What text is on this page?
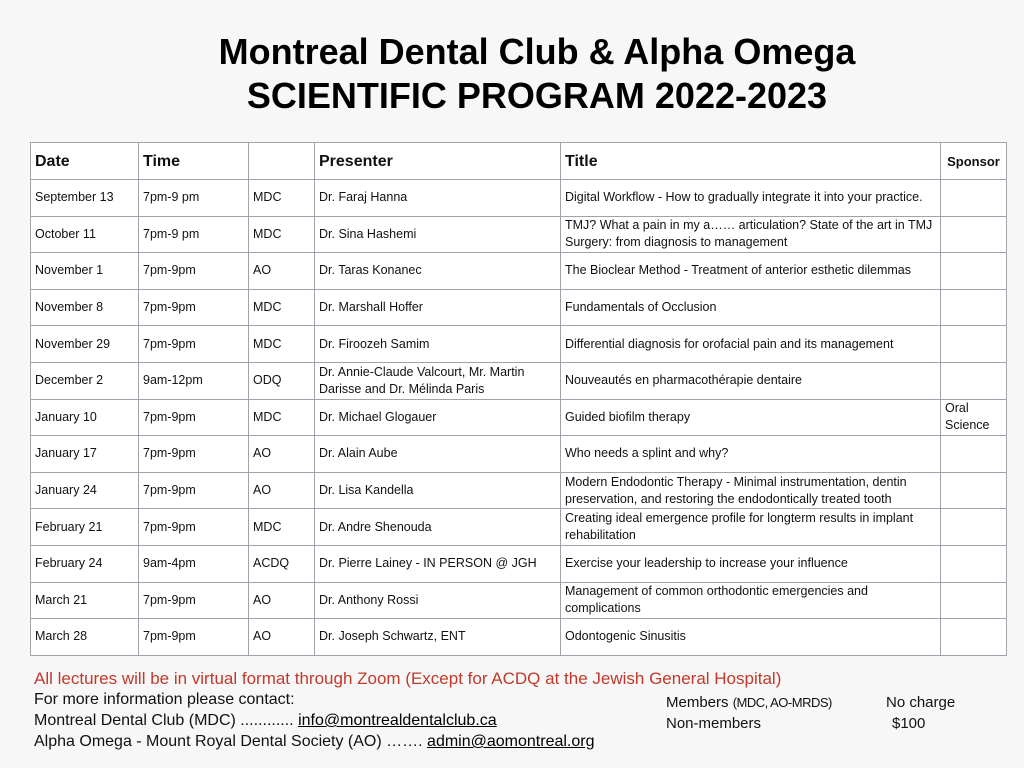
Montreal Dental Club & Alpha Omega
SCIENTIFIC PROGRAM 2022-2023
Date	Time		Presenter	Title	Sponsor
September 13	7pm-9 pm	MDC	Dr. Faraj Hanna	Digital Workflow - How to gradually integrate it into your practice.	
October 11	7pm-9 pm	MDC	Dr. Sina Hashemi	TMJ? What a pain in my a…… articulation? State of the art in TMJ Surgery: from diagnosis to management	
November 1	7pm-9pm	AO	Dr. Taras Konanec	The Bioclear Method - Treatment of anterior esthetic dilemmas	
November 8	7pm-9pm	MDC	Dr. Marshall Hoffer	Fundamentals of Occlusion	
November 29	7pm-9pm	MDC	Dr. Firoozeh Samim	Differential diagnosis for orofacial pain and its management	
December 2	9am-12pm	ODQ	Dr. Annie-Claude Valcourt, Mr. Martin Darisse and Dr. Mélinda Paris	Nouveautés en pharmacothérapie dentaire	
January 10	7pm-9pm	MDC	Dr. Michael Glogauer	Guided biofilm therapy	Oral Science
January 17	7pm-9pm	AO	Dr. Alain Aube	Who needs a splint and why?	
January 24	7pm-9pm	AO	Dr. Lisa Kandella	Modern Endodontic Therapy - Minimal instrumentation, dentin preservation, and restoring the endodontically treated tooth	
February 21	7pm-9pm	MDC	Dr. Andre Shenouda	Creating ideal emergence profile for longterm results in implant rehabilitation	
February 24	9am-4pm	ACDQ	Dr. Pierre Lainey - IN PERSON @ JGH	Exercise your leadership to increase your influence	
March 21	7pm-9pm	AO	Dr. Anthony Rossi	Management of common orthodontic emergencies and complications	
March 28	7pm-9pm	AO	Dr. Joseph Schwartz, ENT	Odontogenic Sinusitis	
All lectures will be in virtual format through Zoom (Except for ACDQ at the Jewish General Hospital)
For more information please contact:
Montreal Dental Club (MDC) ............ info@montrealdentalclub.ca
Alpha Omega - Mount Royal Dental Society (AO) ……. admin@aomontreal.org
Members (MDC, AO-MRDS)	No charge
Non-members	$100
